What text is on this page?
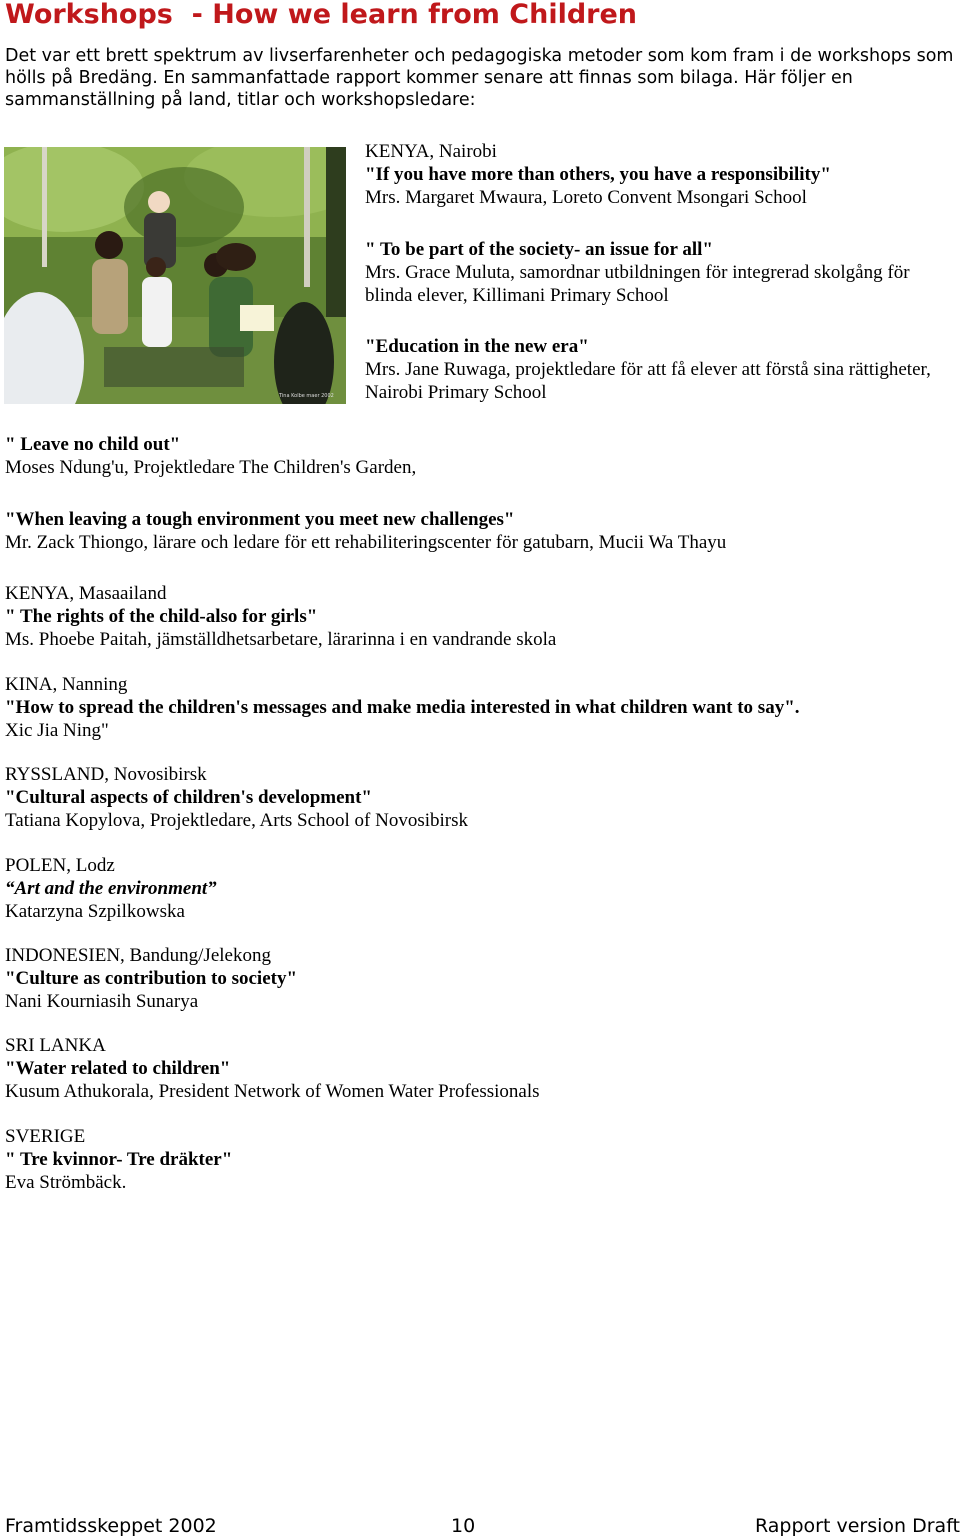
Workshops  - How we learn from Children

Det var ett brett spektrum av livserfarenheter och pedagogiska metoder som kom fram i de workshops som hölls på Bredäng. En sammanfattade rapport kommer senare att finnas som bilaga. Här följer en sammanställning på land, titlar och workshopsledare:

Tina Kolbe maer 2002
KENYA, Nairobi
"If you have more than others, you have a responsibility"
Mrs. Margaret Mwaura, Loreto Convent Msongari School
" To be part of the society- an issue for all"
Mrs. Grace Muluta, samordnar utbildningen för integrerad skolgång för blinda elever, Killimani Primary School
"Education in the new era"
Mrs. Jane Ruwaga, projektledare för att få elever att förstå sina rättigheter, Nairobi Primary School
" Leave no child out"
Moses Ndung'u, Projektledare The Children's Garden,
"When leaving a tough environment you meet new challenges"
Mr. Zack Thiongo, lärare och ledare för ett rehabiliteringscenter för gatubarn, Mucii Wa Thayu
KENYA, Masaailand
" The rights of the child-also for girls"
Ms. Phoebe Paitah, jämställdhetsarbetare, lärarinna i en vandrande skola
KINA, Nanning
"How to spread the children's messages and make media interested in what children want to say".
Xic Jia Ning"
RYSSLAND, Novosibirsk
"Cultural aspects of children's development"
Tatiana Kopylova, Projektledare, Arts School of Novosibirsk
POLEN, Lodz
“Art and the environment”
Katarzyna Szpilkowska
INDONESIEN, Bandung/Jelekong
"Culture as contribution to society"
Nani Kourniasih Sunarya
SRI LANKA
"Water related to children"
Kusum Athukorala, President Network of Women Water Professionals
SVERIGE
" Tre kvinnor- Tre dräkter"
Eva Strömbäck.
Framtidsskeppet 2002	10	Rapport version Draft
